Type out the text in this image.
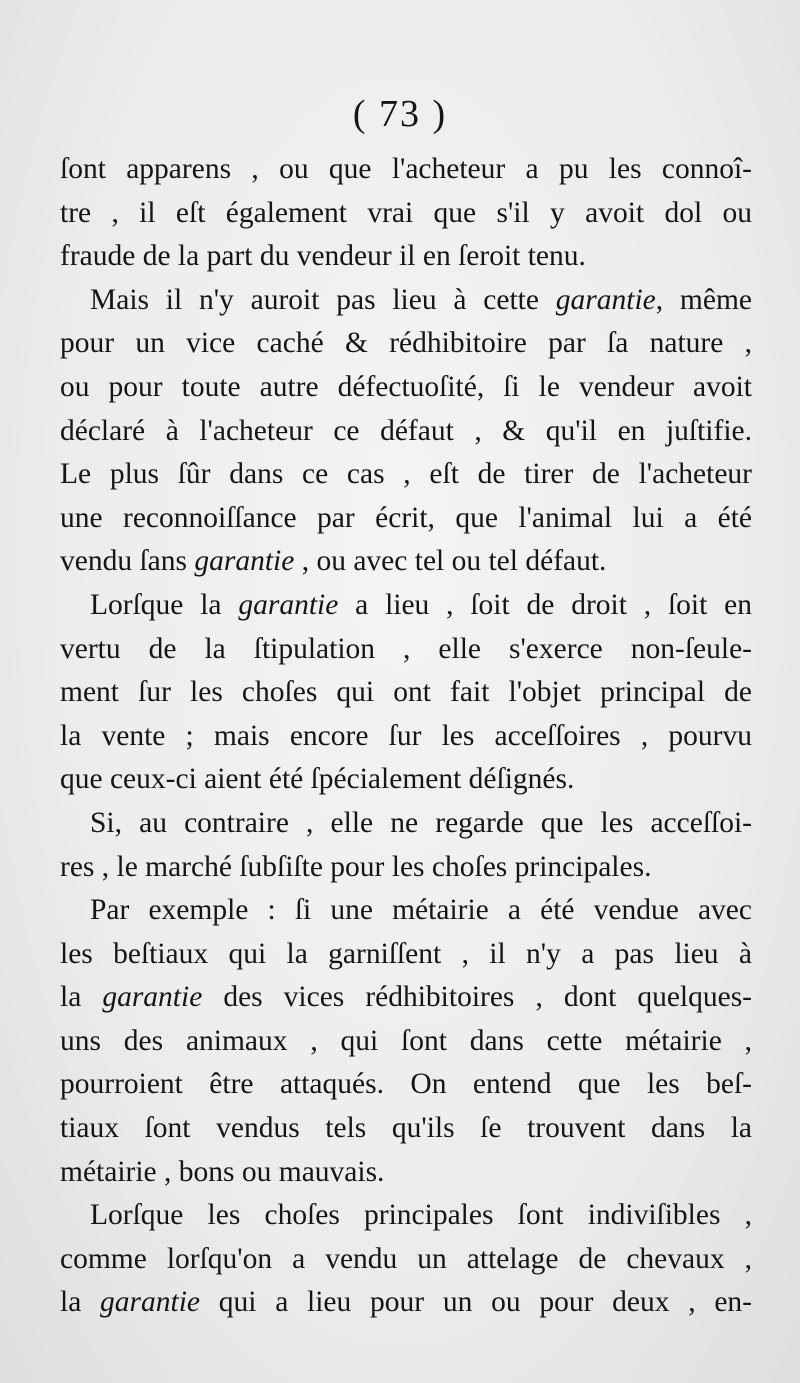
( 73 )
ſont apparens , ou que l'acheteur a pu les connoî-
tre , il eſt également vrai que s'il y avoit dol ou
fraude de la part du vendeur il en ſeroit tenu.
Mais il n'y auroit pas lieu à cette garantie, même
pour un vice caché & rédhibitoire par ſa nature ,
ou pour toute autre défectuoſité, ſi le vendeur avoit
déclaré à l'acheteur ce défaut , & qu'il en juſtifie.
Le plus ſûr dans ce cas , eſt de tirer de l'acheteur
une reconnoiſſance par écrit, que l'animal lui a été
vendu ſans garantie , ou avec tel ou tel défaut.
Lorſque la garantie a lieu , ſoit de droit , ſoit en
vertu de la ſtipulation , elle s'exerce non-ſeule-
ment ſur les choſes qui ont fait l'objet principal de
la vente ; mais encore ſur les acceſſoires , pourvu
que ceux-ci aient été ſpécialement déſignés.
Si, au contraire , elle ne regarde que les acceſſoi-
res , le marché ſubſiſte pour les choſes principales.
Par exemple : ſi une métairie a été vendue avec
les beſtiaux qui la garniſſent , il n'y a pas lieu à
la garantie des vices rédhibitoires , dont quelques-
uns des animaux , qui ſont dans cette métairie ,
pourroient être attaqués. On entend que les beſ-
tiaux ſont vendus tels qu'ils ſe trouvent dans la
métairie , bons ou mauvais.
Lorſque les choſes principales ſont indiviſibles ,
comme lorſqu'on a vendu un attelage de chevaux ,
la garantie qui a lieu pour un ou pour deux , en-
